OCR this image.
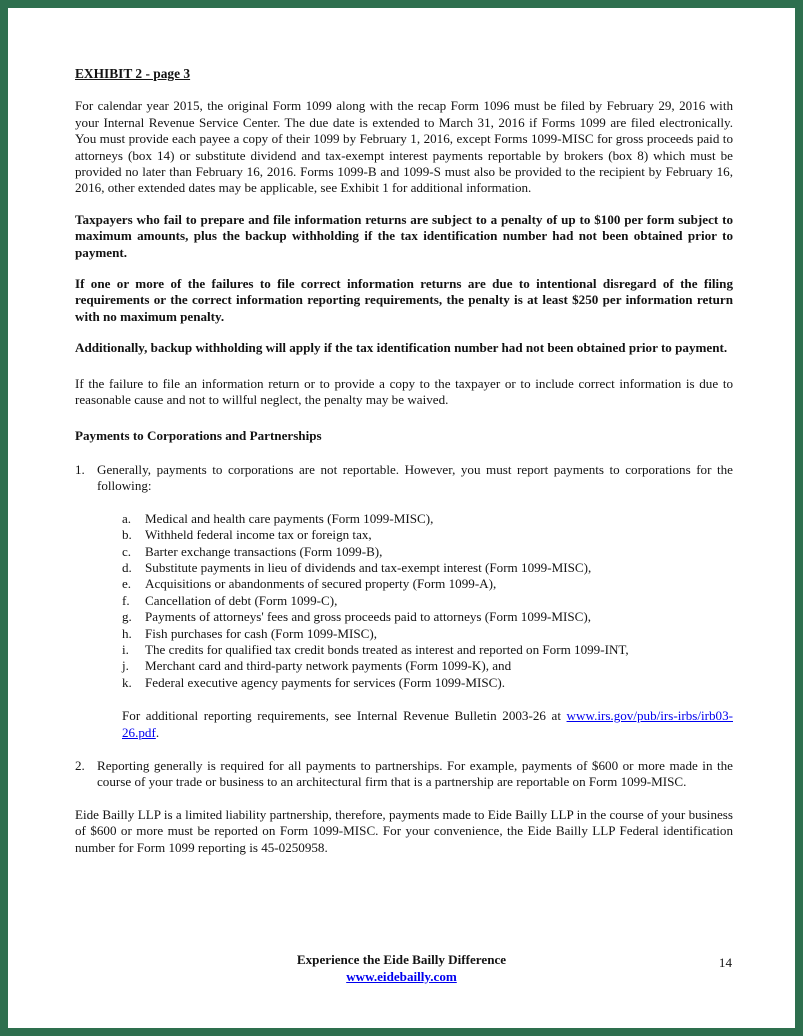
EXHIBIT 2 - page 3

For calendar year 2015, the original Form 1099 along with the recap Form 1096 must be filed by February 29, 2016 with your Internal Revenue Service Center. The due date is extended to March 31, 2016 if Forms 1099 are filed electronically. You must provide each payee a copy of their 1099 by February 1, 2016, except Forms 1099-MISC for gross proceeds paid to attorneys (box 14) or substitute dividend and tax-exempt interest payments reportable by brokers (box 8) which must be provided no later than February 16, 2016. Forms 1099-B and 1099-S must also be provided to the recipient by February 16, 2016, other extended dates may be applicable, see Exhibit 1 for additional information.

Taxpayers who fail to prepare and file information returns are subject to a penalty of up to $100 per form subject to maximum amounts, plus the backup withholding if the tax identification number had not been obtained prior to payment.

If one or more of the failures to file correct information returns are due to intentional disregard of the filing requirements or the correct information reporting requirements, the penalty is at least $250 per information return with no maximum penalty.

Additionally, backup withholding will apply if the tax identification number had not been obtained prior to payment.

If the failure to file an information return or to provide a copy to the taxpayer or to include correct information is due to reasonable cause and not to willful neglect, the penalty may be waived.

Payments to Corporations and Partnerships
1. Generally, payments to corporations are not reportable. However, you must report payments to corporations for the following:
a.	Medical and health care payments (Form 1099-MISC),
b.	Withheld federal income tax or foreign tax,
c.	Barter exchange transactions (Form 1099-B),
d.	Substitute payments in lieu of dividends and tax-exempt interest (Form 1099-MISC),
e.	Acquisitions or abandonments of secured property (Form 1099-A),
f.	Cancellation of debt (Form 1099-C),
g.	Payments of attorneys' fees and gross proceeds paid to attorneys (Form 1099-MISC),
h.	Fish purchases for cash (Form 1099-MISC),
i.	The credits for qualified tax credit bonds treated as interest and reported on Form 1099-INT,
j.	Merchant card and third-party network payments (Form 1099-K), and
k.	Federal executive agency payments for services (Form 1099-MISC).

For additional reporting requirements, see Internal Revenue Bulletin 2003-26 at www.irs.gov/pub/irs-irbs/irb03-26.pdf.

2. Reporting generally is required for all payments to partnerships. For example, payments of $600 or more made in the course of your trade or business to an architectural firm that is a partnership are reportable on Form 1099-MISC.

Eide Bailly LLP is a limited liability partnership, therefore, payments made to Eide Bailly LLP in the course of your business of $600 or more must be reported on Form 1099-MISC. For your convenience, the Eide Bailly LLP Federal identification number for Form 1099 reporting is 45-0250958.

Experience the Eide Bailly Difference
www.eidebailly.com
14
